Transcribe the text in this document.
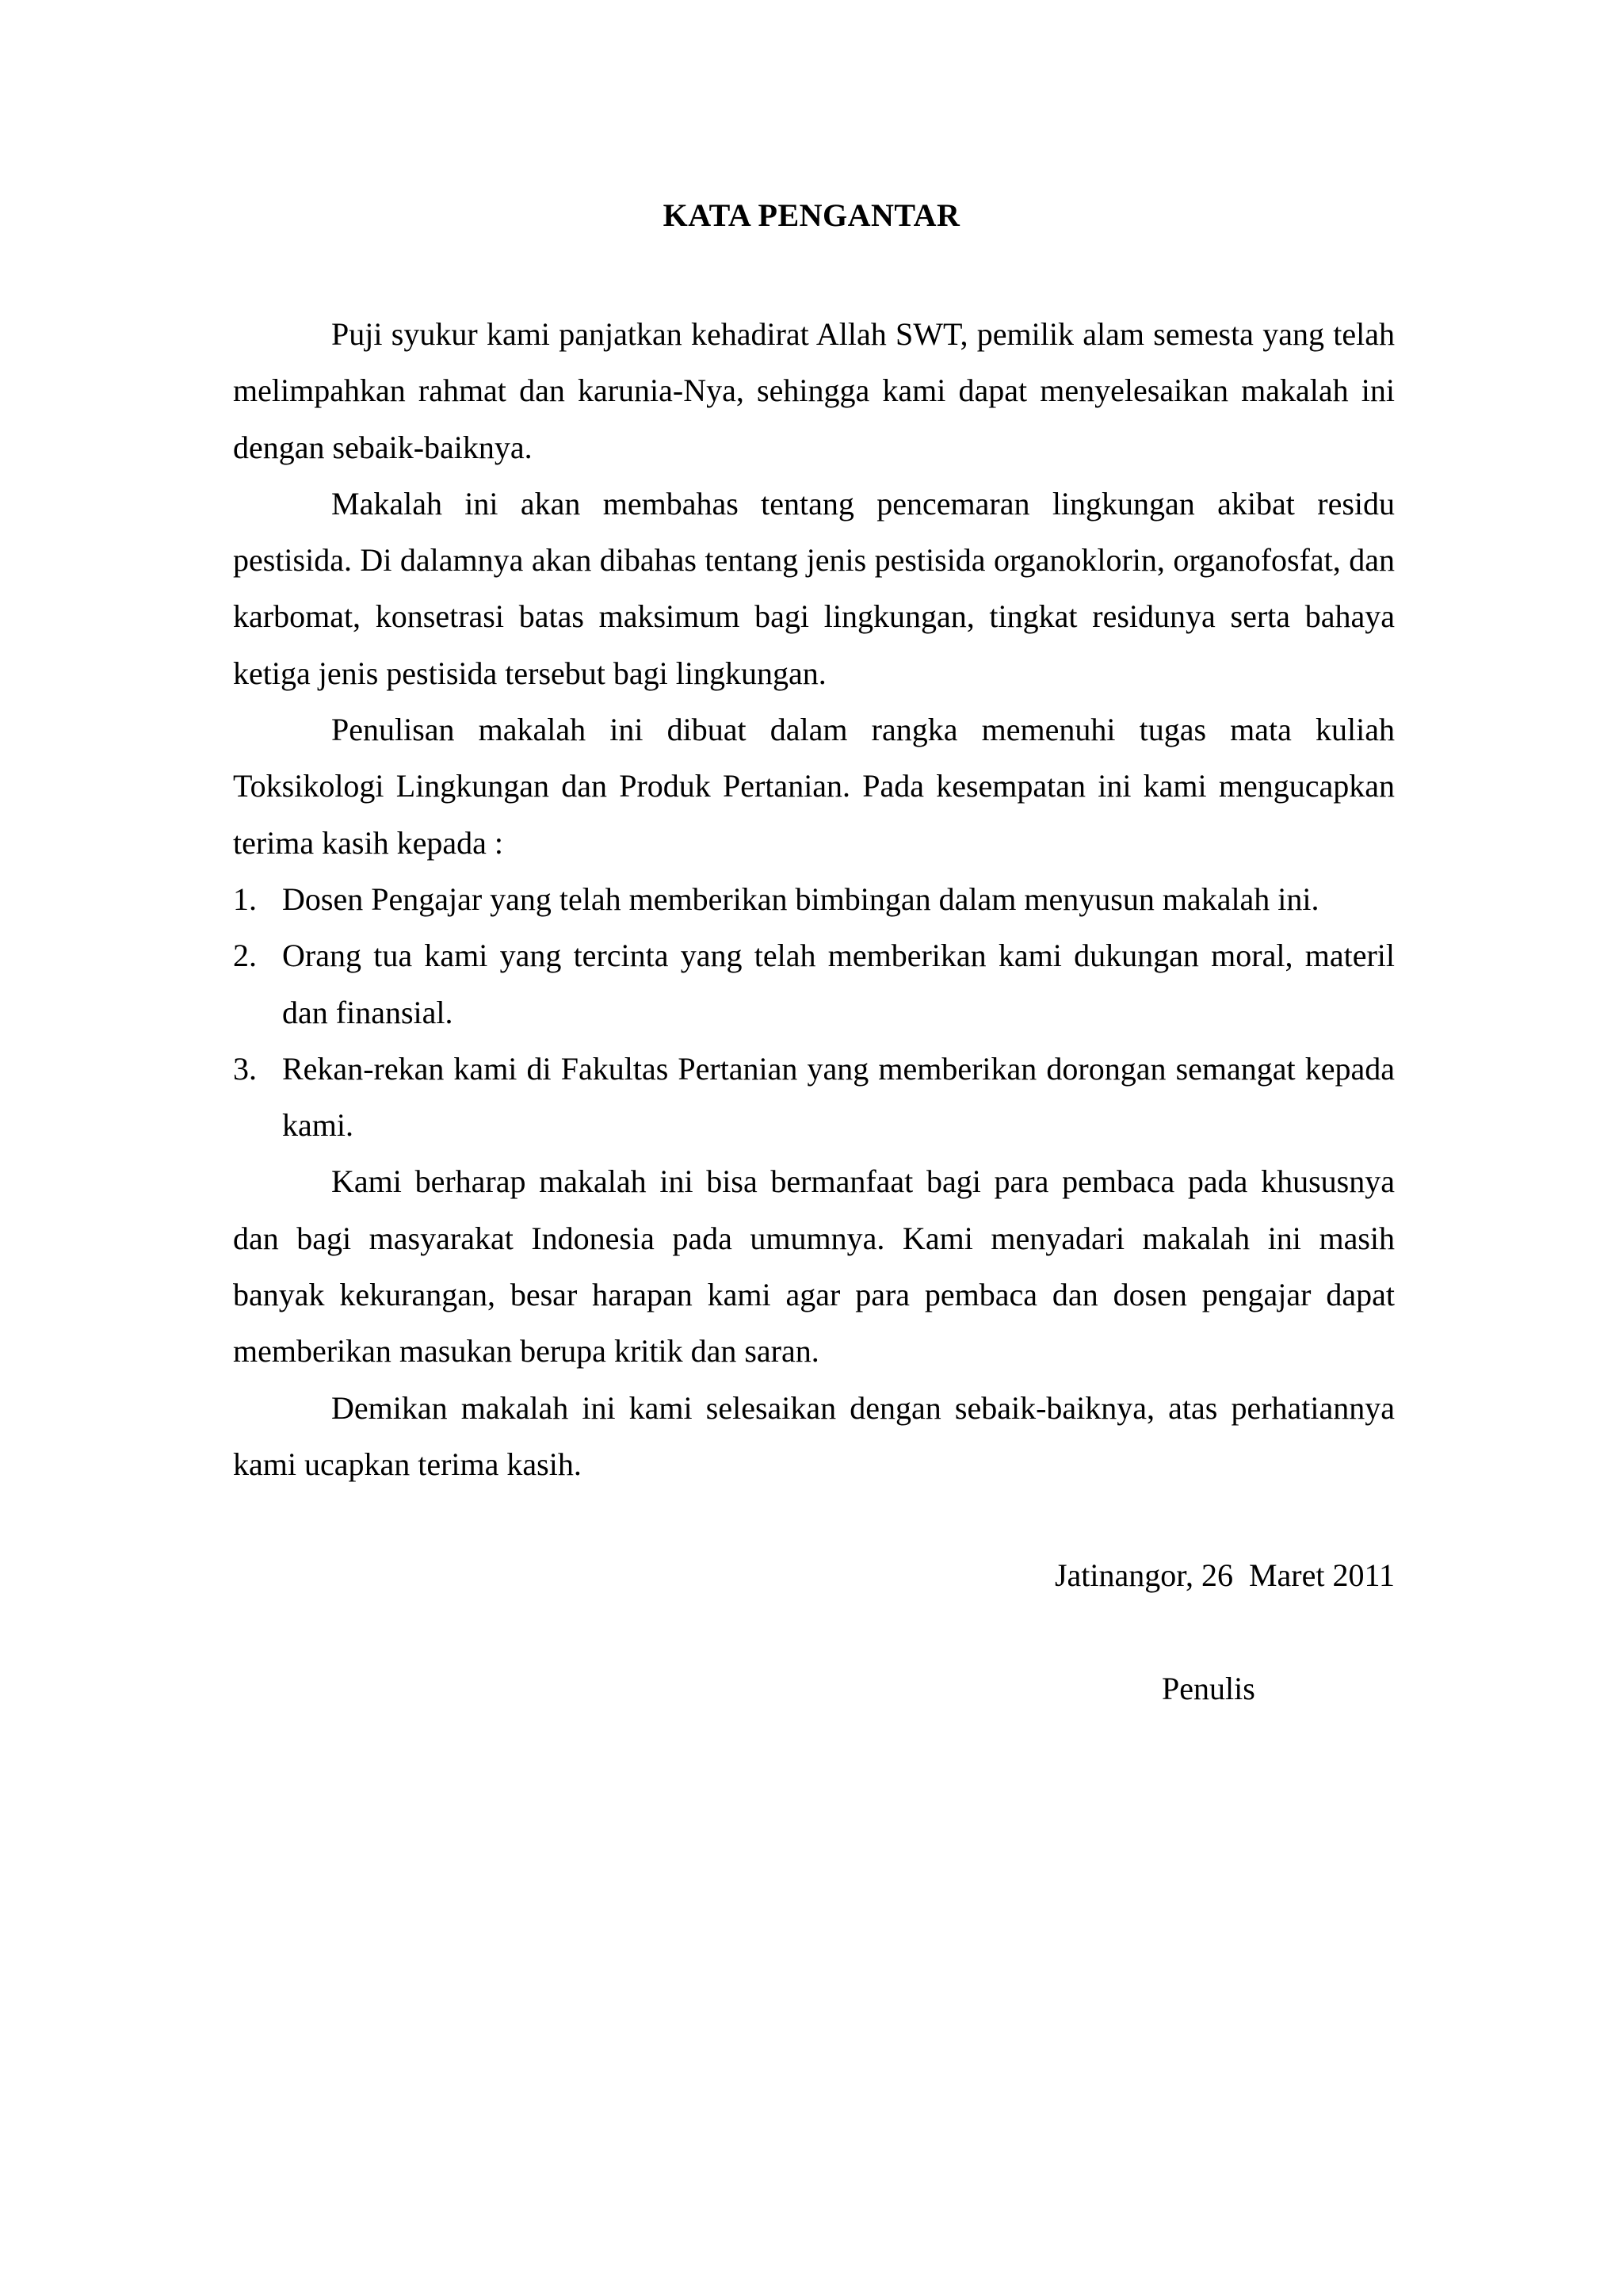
KATA PENGANTAR

Puji syukur kami panjatkan kehadirat Allah SWT, pemilik alam semesta yang telah melimpahkan rahmat dan karunia-Nya, sehingga kami dapat menyelesaikan makalah ini dengan sebaik-baiknya.

Makalah ini akan membahas tentang pencemaran lingkungan akibat residu pestisida. Di dalamnya akan dibahas tentang jenis pestisida organoklorin, organofosfat, dan karbomat, konsetrasi batas maksimum bagi lingkungan, tingkat residunya serta bahaya ketiga jenis pestisida tersebut bagi lingkungan.

Penulisan makalah ini dibuat dalam rangka memenuhi tugas mata kuliah Toksikologi Lingkungan dan Produk Pertanian. Pada kesempatan ini kami mengucapkan terima kasih kepada :

1. Dosen Pengajar yang telah memberikan bimbingan dalam menyusun makalah ini.
2. Orang tua kami yang tercinta yang telah memberikan kami dukungan moral, materil dan finansial.
3. Rekan-rekan kami di Fakultas Pertanian yang memberikan dorongan semangat kepada kami.

Kami berharap makalah ini bisa bermanfaat bagi para pembaca pada khususnya dan bagi masyarakat Indonesia pada umumnya. Kami menyadari makalah ini masih banyak kekurangan, besar harapan kami agar para pembaca dan dosen pengajar dapat memberikan masukan berupa kritik dan saran.

Demikan makalah ini kami selesaikan dengan sebaik-baiknya, atas perhatiannya kami ucapkan terima kasih.

Jatinangor, 26  Maret 2011
Penulis
